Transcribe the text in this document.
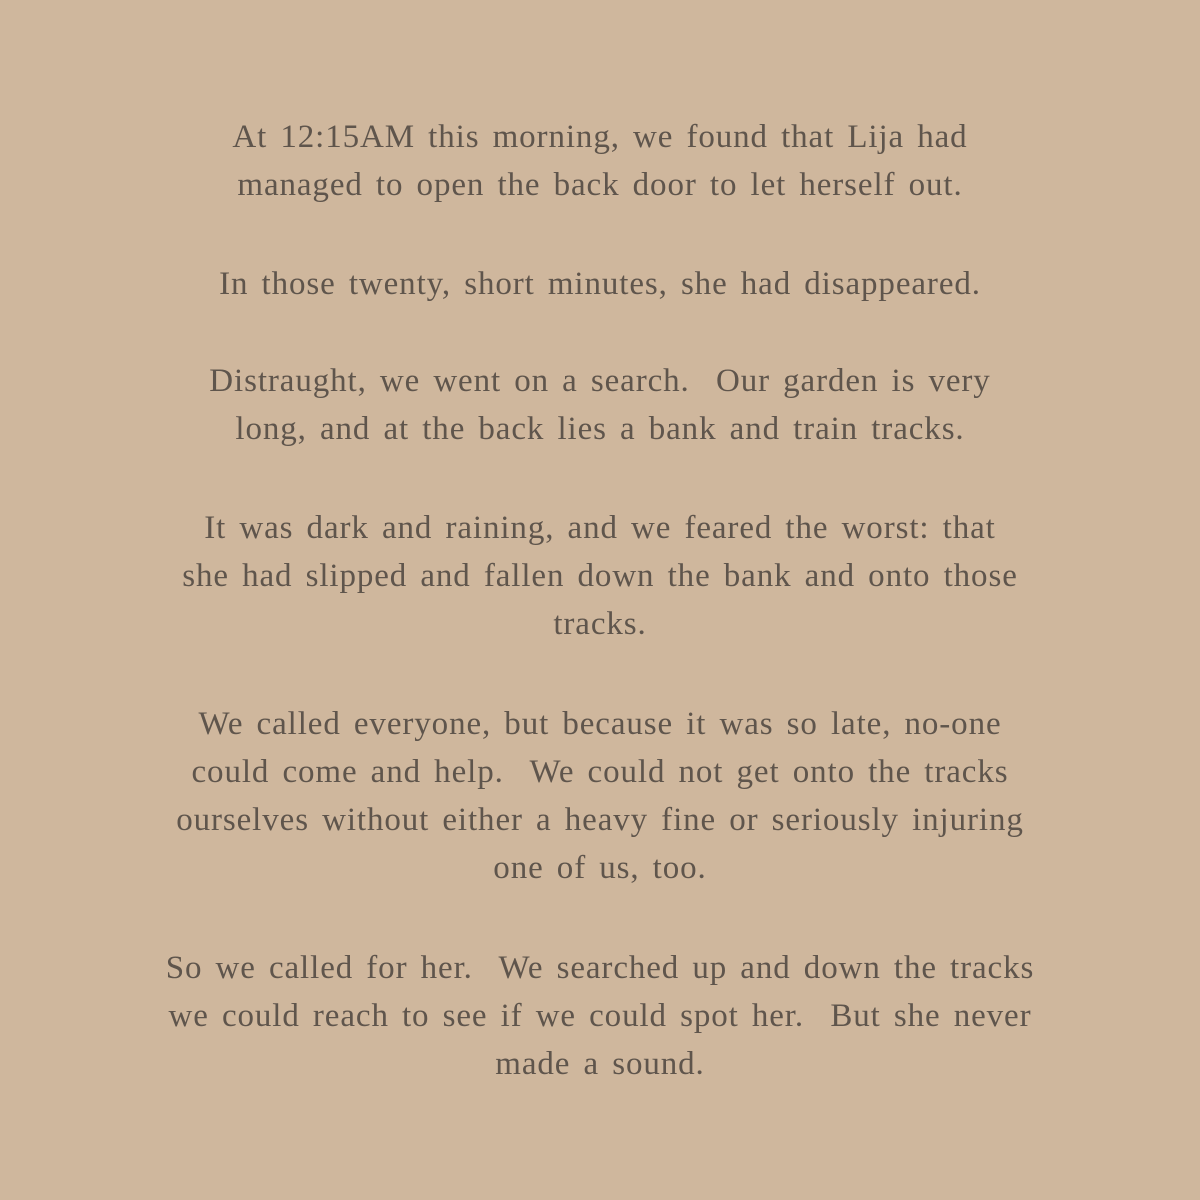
At 12:15AM this morning, we found that Lija had
managed to open the back door to let herself out.

In those twenty, short minutes, she had disappeared.

Distraught, we went on a search.  Our garden is very
long, and at the back lies a bank and train tracks.

It was dark and raining, and we feared the worst: that
she had slipped and fallen down the bank and onto those
tracks.

We called everyone, but because it was so late, no-one
could come and help.  We could not get onto the tracks
ourselves without either a heavy fine or seriously injuring
one of us, too.

So we called for her.  We searched up and down the tracks
we could reach to see if we could spot her.  But she never
made a sound.
